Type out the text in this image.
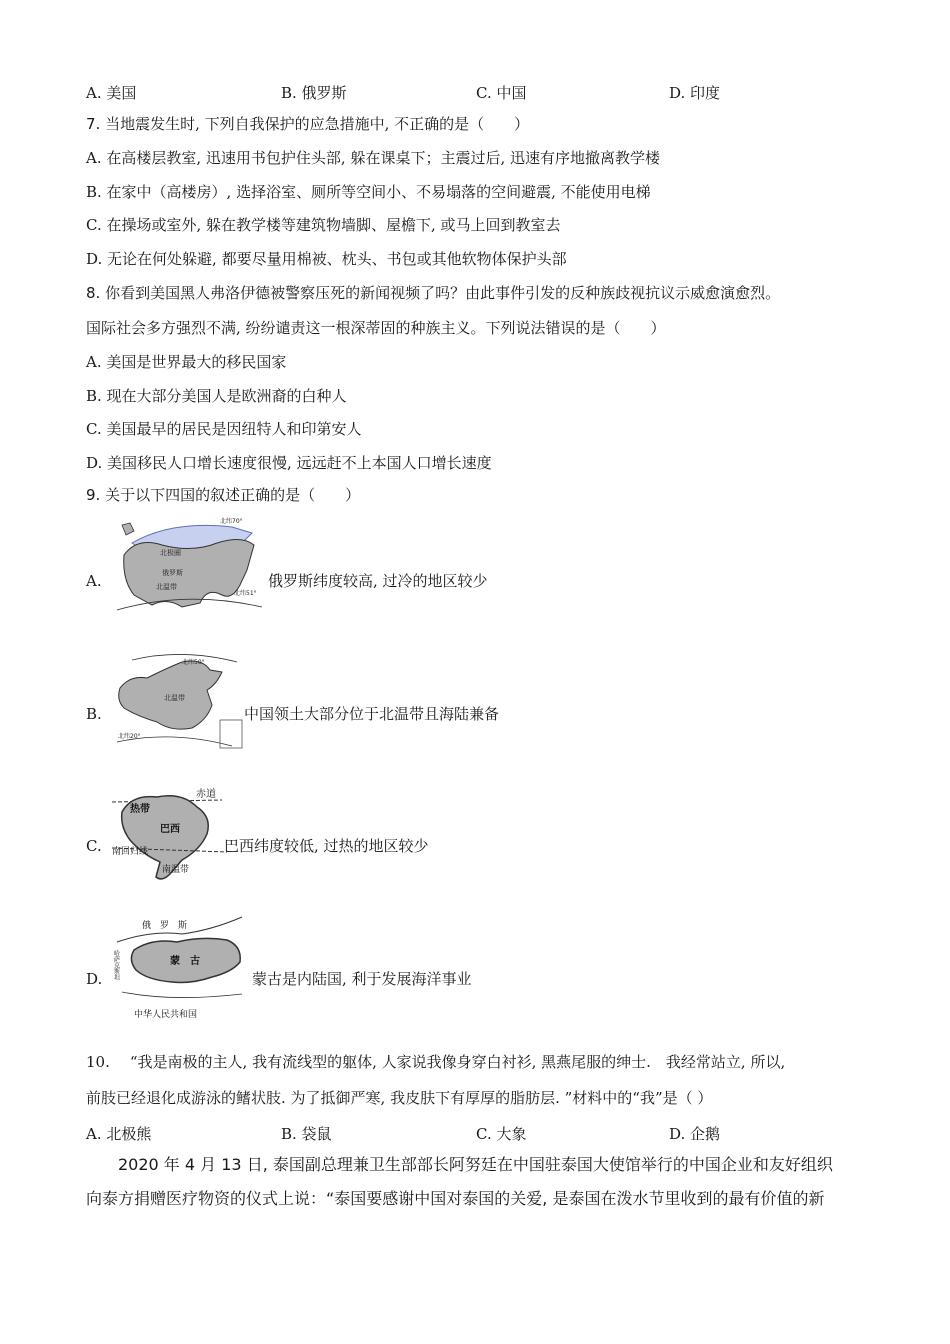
A. 美国	B. 俄罗斯	C. 中国	D. 印度
7. 当地震发生时, 下列自我保护的应急措施中, 不正确的是（　　）
A. 在高楼层教室, 迅速用书包护住头部, 躲在课桌下；主震过后, 迅速有序地撤离教学楼
B. 在家中（高楼房）, 选择浴室、厕所等空间小、不易塌落的空间避震, 不能使用电梯
C. 在操场或室外, 躲在教学楼等建筑物墙脚、屋檐下, 或马上回到教室去
D. 无论在何处躲避, 都要尽量用棉被、枕头、书包或其他软物体保护头部
8. 你看到美国黑人弗洛伊德被警察压死的新闻视频了吗？由此事件引发的反种族歧视抗议示威愈演愈烈。
国际社会多方强烈不满, 纷纷谴责这一根深蒂固的种族主义。下列说法错误的是（　　）
A. 美国是世界最大的移民国家
B. 现在大部分美国人是欧洲裔的白种人
C. 美国最早的居民是因纽特人和印第安人
D. 美国移民人口增长速度很慢, 远远赶不上本国人口增长速度
9. 关于以下四国的叙述正确的是（　　）
A.
北极圈
俄罗斯
北温带
北纬70°
北纬51°
俄罗斯纬度较高, 过冷的地区较少
B.
北纬50°
北温带
北纬20°
中国领土大部分位于北温带且海陆兼备
C.
赤道
热带
巴西
南回归线
南温带
巴西纬度较低, 过热的地区较少
D.
俄　罗　斯
蒙　古
哈萨克斯坦
中华人民共和国
蒙古是内陆国, 利于发展海洋事业
10. “我是南极的主人, 我有流线型的躯体, 人家说我像身穿白衬衫, 黑燕尾服的绅士.　我经常站立, 所以,
前肢已经退化成游泳的鳍状肢. 为了抵御严寒, 我皮肤下有厚厚的脂肪层. ”材料中的“我”是（ ）
A. 北极熊	B. 袋鼠	C. 大象	D. 企鹅
2020 年 4 月 13 日, 泰国副总理兼卫生部部长阿努廷在中国驻泰国大使馆举行的中国企业和友好组织
向泰方捐赠医疗物资的仪式上说：“泰国要感谢中国对泰国的关爱, 是泰国在泼水节里收到的最有价值的新
